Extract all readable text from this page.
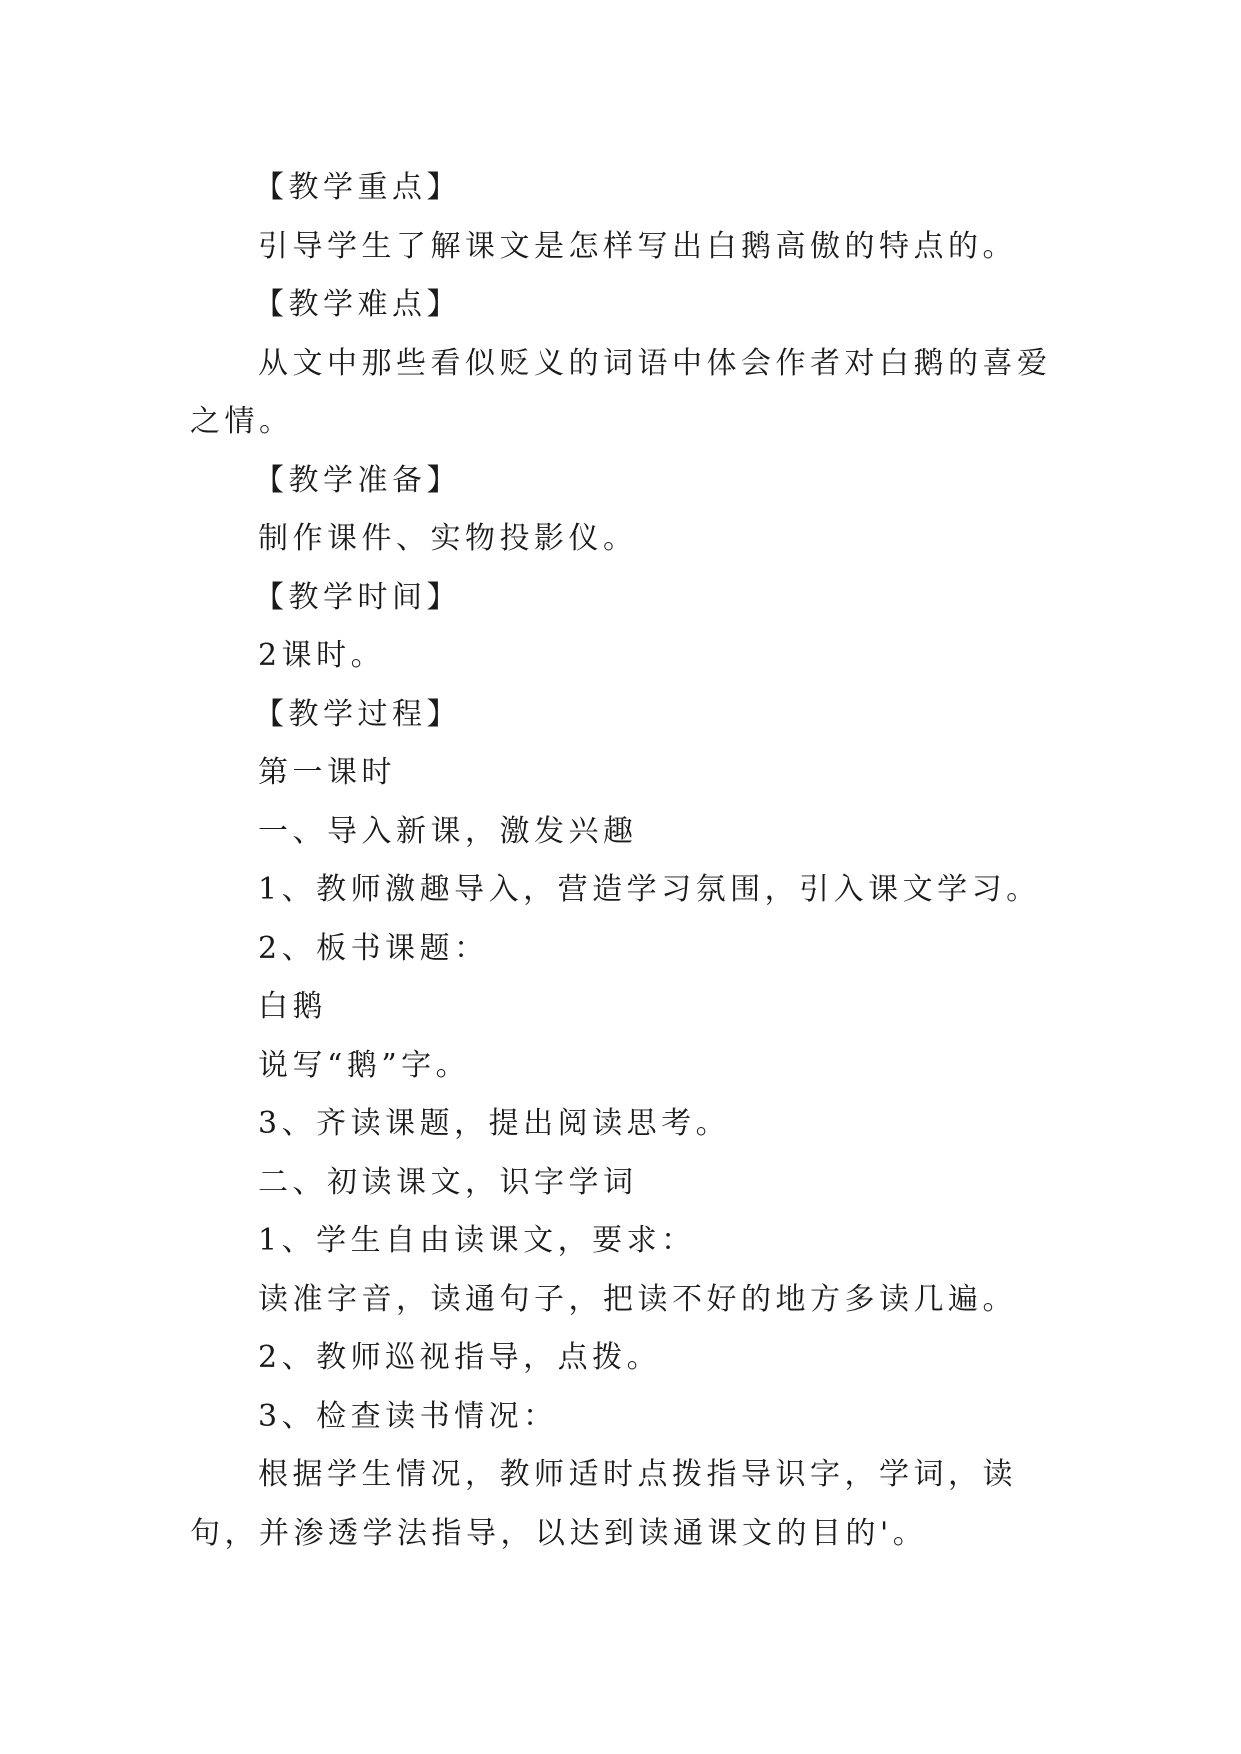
【教学重点】

引导学生了解课文是怎样写出白鹅高傲的特点的。

【教学难点】

从文中那些看似贬义的词语中体会作者对白鹅的喜爱之情。

【教学准备】

制作课件、实物投影仪。

【教学时间】

2课时。

【教学过程】

第一课时

一、导入新课，激发兴趣

1、教师激趣导入，营造学习氛围，引入课文学习。

2、板书课题：

白鹅

说写“鹅”字。

3、齐读课题，提出阅读思考。

二、初读课文，识字学词

1、学生自由读课文，要求：

读准字音，读通句子，把读不好的地方多读几遍。

2、教师巡视指导，点拨。

3、检查读书情况：

根据学生情况，教师适时点拨指导识字，学词，读句，并渗透学法指导，以达到读通课文的目的'。
